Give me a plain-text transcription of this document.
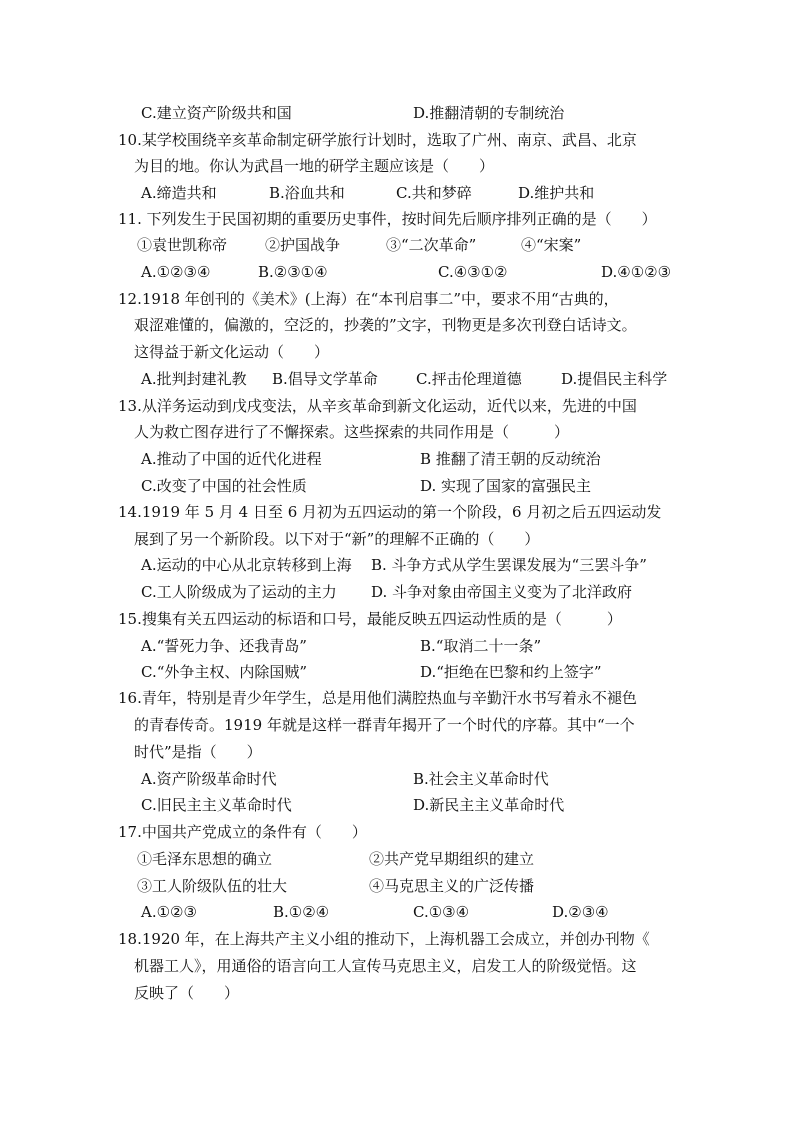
C.建立资产阶级共和国	D.推翻清朝的专制统治
10.某学校围绕辛亥革命制定研学旅行计划时，选取了广州、南京、武昌、北京
为目的地。你认为武昌一地的研学主题应该是（　　）
A.缔造共和	B.浴血共和	C.共和梦碎	D.维护共和
11. 下列发生于民国初期的重要历史事件，按时间先后顺序排列正确的是（　　）
①袁世凯称帝	②护国战争	③“二次革命”	④“宋案”
A.①②③④	B.②③①④	C.④③①②	D.④①②③
12.1918 年创刊的《美术》(上海）在“本刊启事二”中，要求不用“古典的，
艰涩难懂的，偏激的，空泛的，抄袭的”文字，刊物更是多次刊登白话诗文。
这得益于新文化运动（　　）
A.批判封建礼教 B.倡导文学革命	C.抨击伦理道德	D.提倡民主科学
13.从洋务运动到戊戌变法，从辛亥革命到新文化运动，近代以来，先进的中国
人为救亡图存进行了不懈探索。这些探索的共同作用是（　　　）
A.推动了中国的近代化进程	B 推翻了清王朝的反动统治
C.改变了中国的社会性质	D. 实现了国家的富强民主
14.1919 年 5 月 4 日至 6 月初为五四运动的第一个阶段，6 月初之后五四运动发
展到了另一个新阶段。以下对于“新”的理解不正确的（　　）
A.运动的中心从北京转移到上海 B. 斗争方式从学生罢课发展为“三罢斗争”
C.工人阶级成为了运动的主力 D. 斗争对象由帝国主义变为了北洋政府
15.搜集有关五四运动的标语和口号，最能反映五四运动性质的是（　　　）
A.“誓死力争、还我青岛”	B.“取消二十一条”
C.“外争主权、内除国贼”	D.“拒绝在巴黎和约上签字”
16.青年，特别是青少年学生，总是用他们满腔热血与辛勤汗水书写着永不褪色
的青春传奇。1919 年就是这样一群青年揭开了一个时代的序幕。其中“一个
时代”是指（　　）
A.资产阶级革命时代	B.社会主义革命时代
C.旧民主主义革命时代	D.新民主主义革命时代
17.中国共产党成立的条件有（　　）
①毛泽东思想的确立	②共产党早期组织的建立
③工人阶级队伍的壮大	④马克思主义的广泛传播
A.①②③	B.①②④	C.①③④	D.②③④
18.1920 年，在上海共产主义小组的推动下，上海机器工会成立，并创办刊物《
机器工人》，用通俗的语言向工人宣传马克思主义，启发工人的阶级觉悟。这
反映了（　　）
